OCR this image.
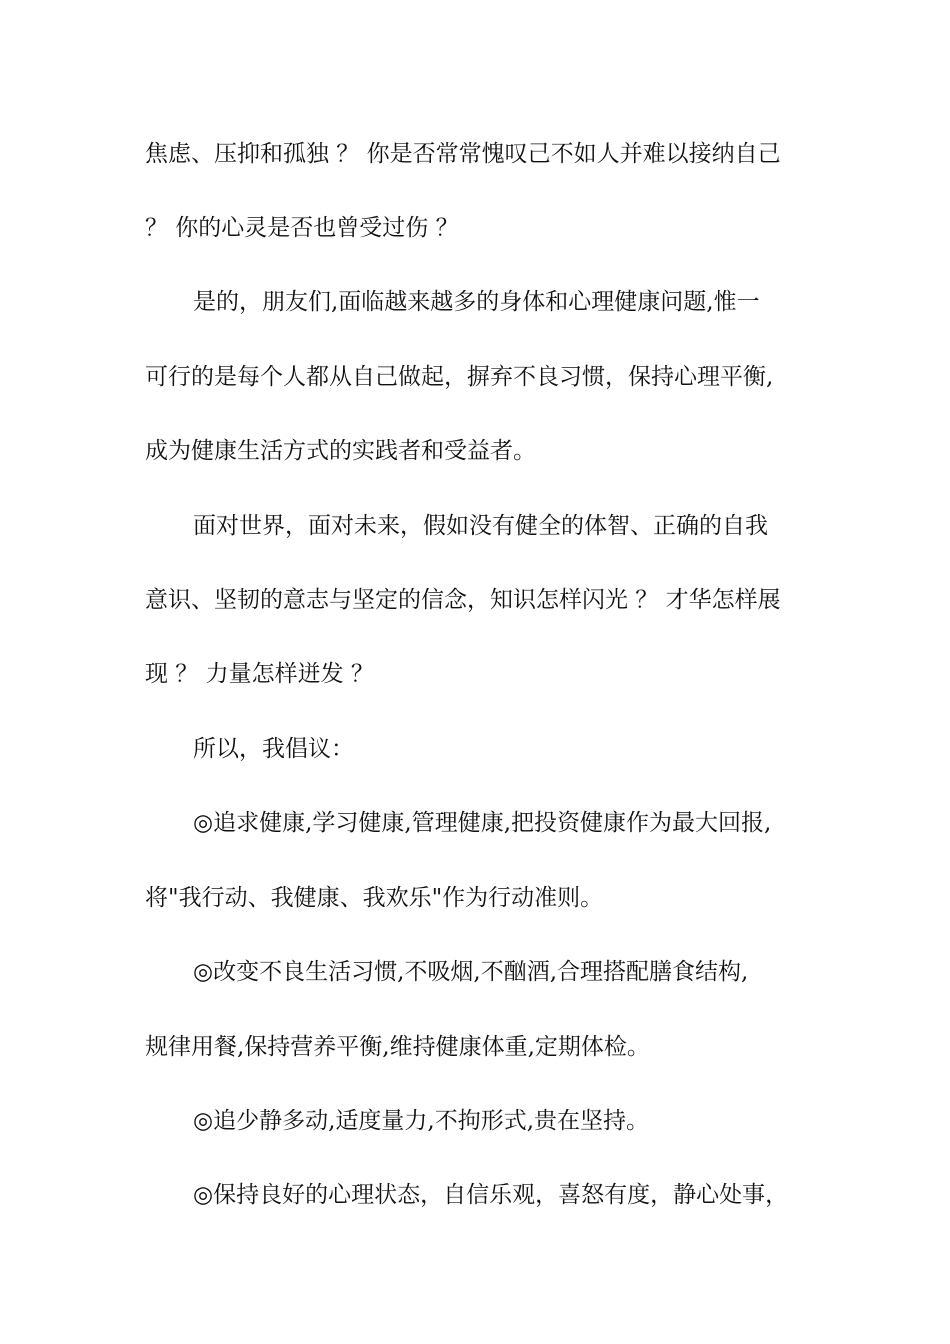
焦虑、压抑和孤独 ？ 你是否常常愧叹己不如人并难以接纳自己
？ 你的心灵是否也曾受过伤 ？
是的，朋友们,面临越来越多的身体和心理健康问题,惟一
可行的是每个人都从自己做起，摒弃不良习惯，保持心理平衡,
成为健康生活方式的实践者和受益者。
面对世界，面对未来，假如没有健全的体智、正确的自我
意识、坚韧的意志与坚定的信念，知识怎样闪光 ？ 才华怎样展
现 ？ 力量怎样迸发 ？
所以，我倡议：
◎追求健康,学习健康,管理健康,把投资健康作为最大回报,
将"我行动、我健康、我欢乐"作为行动准则。
◎改变不良生活习惯,不吸烟,不酗酒,合理搭配膳食结构,
规律用餐,保持营养平衡,维持健康体重,定期体检。
◎追少静多动,适度量力,不拘形式,贵在坚持。
◎保持良好的心理状态，自信乐观，喜怒有度，静心处事，
